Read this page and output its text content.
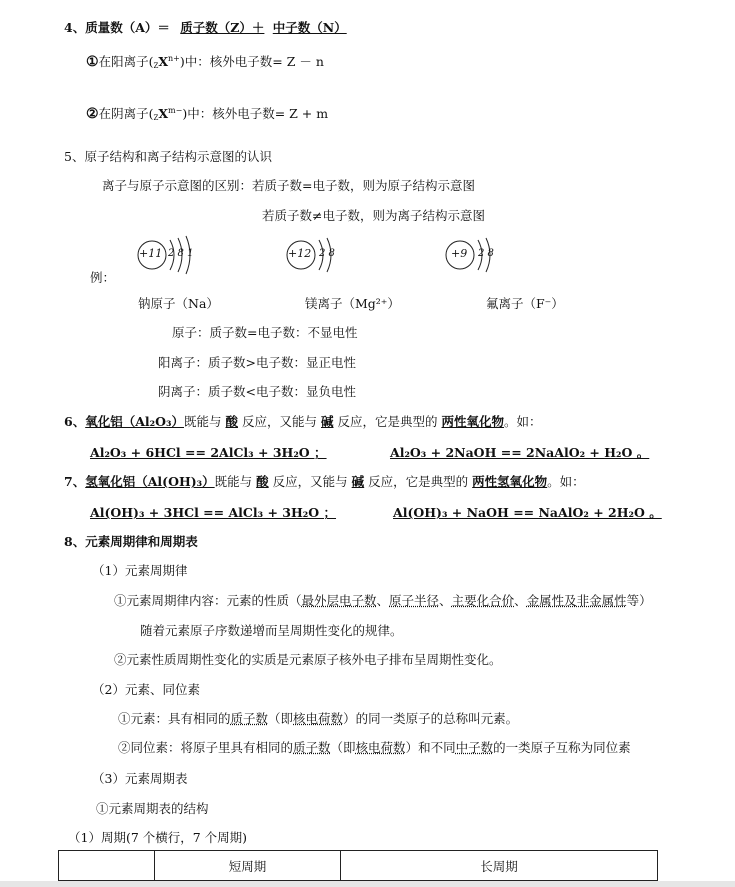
4、质量数（A）＝ 质子数（Z）＋ 中子数（N）
①在阳离子$(ZX^{n+})$中：核外电子数= Z － n
②在阴离子$(ZX^{m-})$中：核外电子数= Z + m
5、原子结构和离子结构示意图的认识
离子与原子示意图的区别：若质子数=电子数，则为原子结构示意图
若质子数≠电子数，则为离子结构示意图
例：
+11 2 8 1
钠原子（Na）
+12 2 8
镁离子（Mg²⁺）
+9 2 8
氟离子（F⁻）
原子：质子数=电子数：不显电性
阳离子：质子数>电子数：显正电性
阴离子：质子数<电子数：显负电性
6、氧化铝（Al₂O₃）既能与 酸 反应，又能与 碱 反应，它是典型的 两性氧化物。如：
Al₂O₃ + 6HCl == 2AlCl₃ + 3H₂O ；	Al₂O₃ + 2NaOH == 2NaAlO₂ + H₂O 。
7、氢氧化铝（Al(OH)₃）既能与 酸 反应，又能与 碱 反应，它是典型的 两性氢氧化物。如：
Al(OH)₃ + 3HCl == AlCl₃ + 3H₂O ；	Al(OH)₃ + NaOH == NaAlO₂ + 2H₂O 。
8、元素周期律和周期表
（1）元素周期律
①元素周期律内容：元素的性质（最外层电子数、原子半径、主要化合价、金属性及非金属性等）
随着元素原子序数递增而呈周期性变化的规律。
②元素性质周期性变化的实质是元素原子核外电子排布呈周期性变化。
（2）元素、同位素
①元素：具有相同的质子数（即核电荷数）的同一类原子的总称叫元素。
②同位素：将原子里具有相同的质子数（即核电荷数）和不同中子数的一类原子互称为同位素
（3）元素周期表
①元素周期表的结构
（1）周期(7 个横行，7 个周期)
	短周期	长周期
